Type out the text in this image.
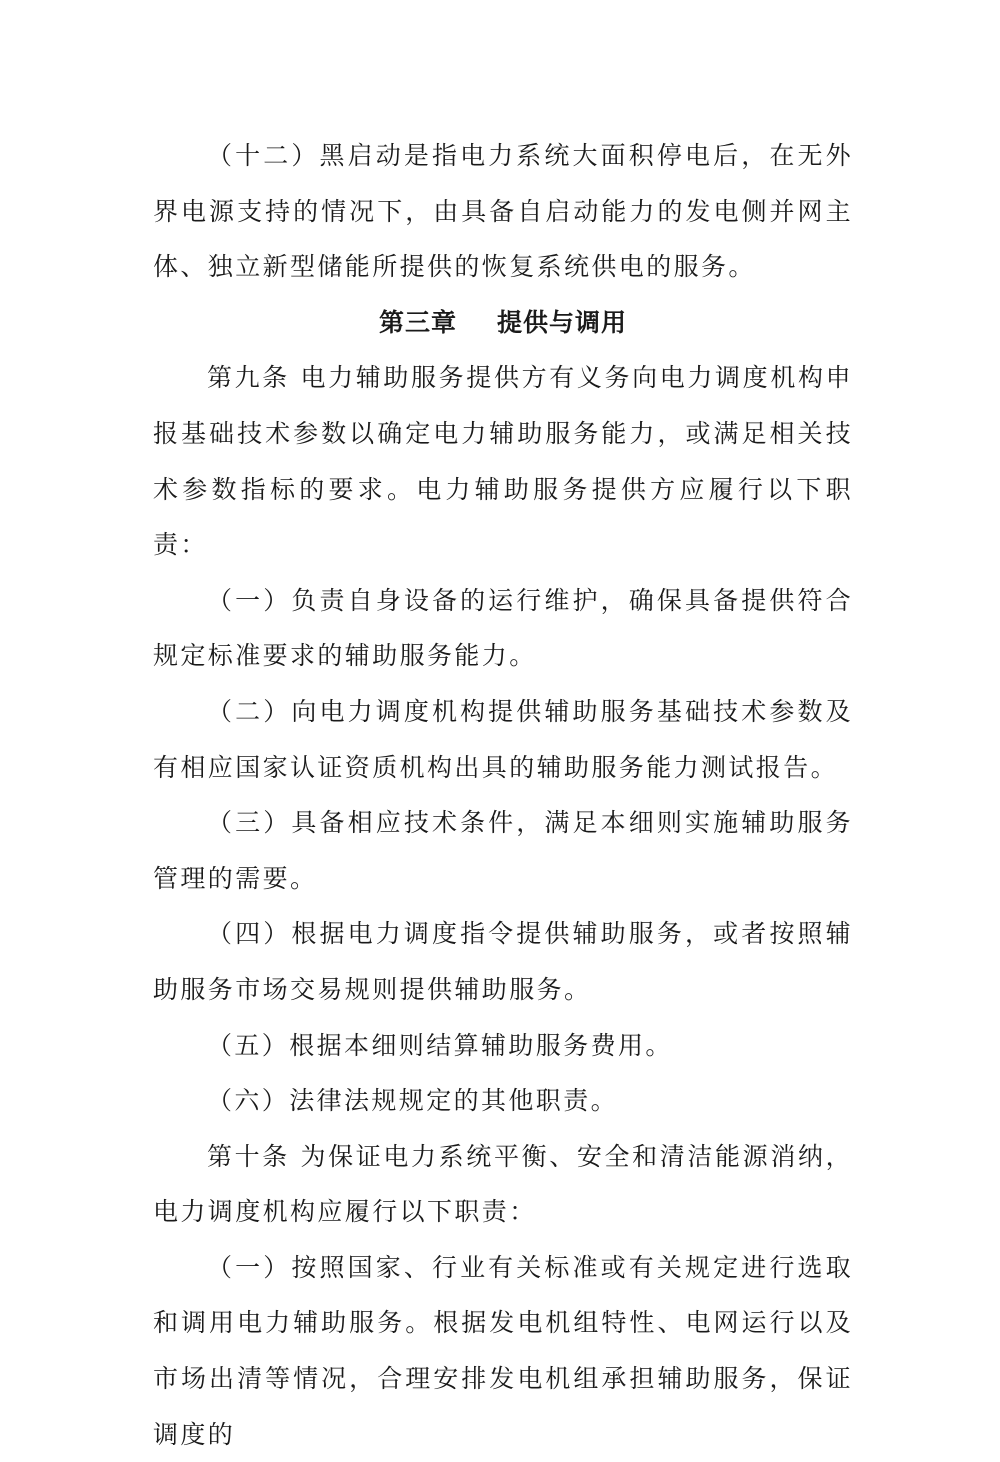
（十二）黑启动是指电力系统大面积停电后，在无外界电源支持的情况下，由具备自启动能力的发电侧并网主体、独立新型储能所提供的恢复系统供电的服务。

第三章 提供与调用

第九条 电力辅助服务提供方有义务向电力调度机构申报基础技术参数以确定电力辅助服务能力，或满足相关技术参数指标的要求。电力辅助服务提供方应履行以下职责：

（一）负责自身设备的运行维护，确保具备提供符合规定标准要求的辅助服务能力。

（二）向电力调度机构提供辅助服务基础技术参数及有相应国家认证资质机构出具的辅助服务能力测试报告。

（三）具备相应技术条件，满足本细则实施辅助服务管理的需要。

（四）根据电力调度指令提供辅助服务，或者按照辅助服务市场交易规则提供辅助服务。

（五）根据本细则结算辅助服务费用。

（六）法律法规规定的其他职责。

第十条 为保证电力系统平衡、安全和清洁能源消纳，电力调度机构应履行以下职责：

（一）按照国家、行业有关标准或有关规定进行选取和调用电力辅助服务。根据发电机组特性、电网运行以及市场出清等情况，合理安排发电机组承担辅助服务，保证调度的
